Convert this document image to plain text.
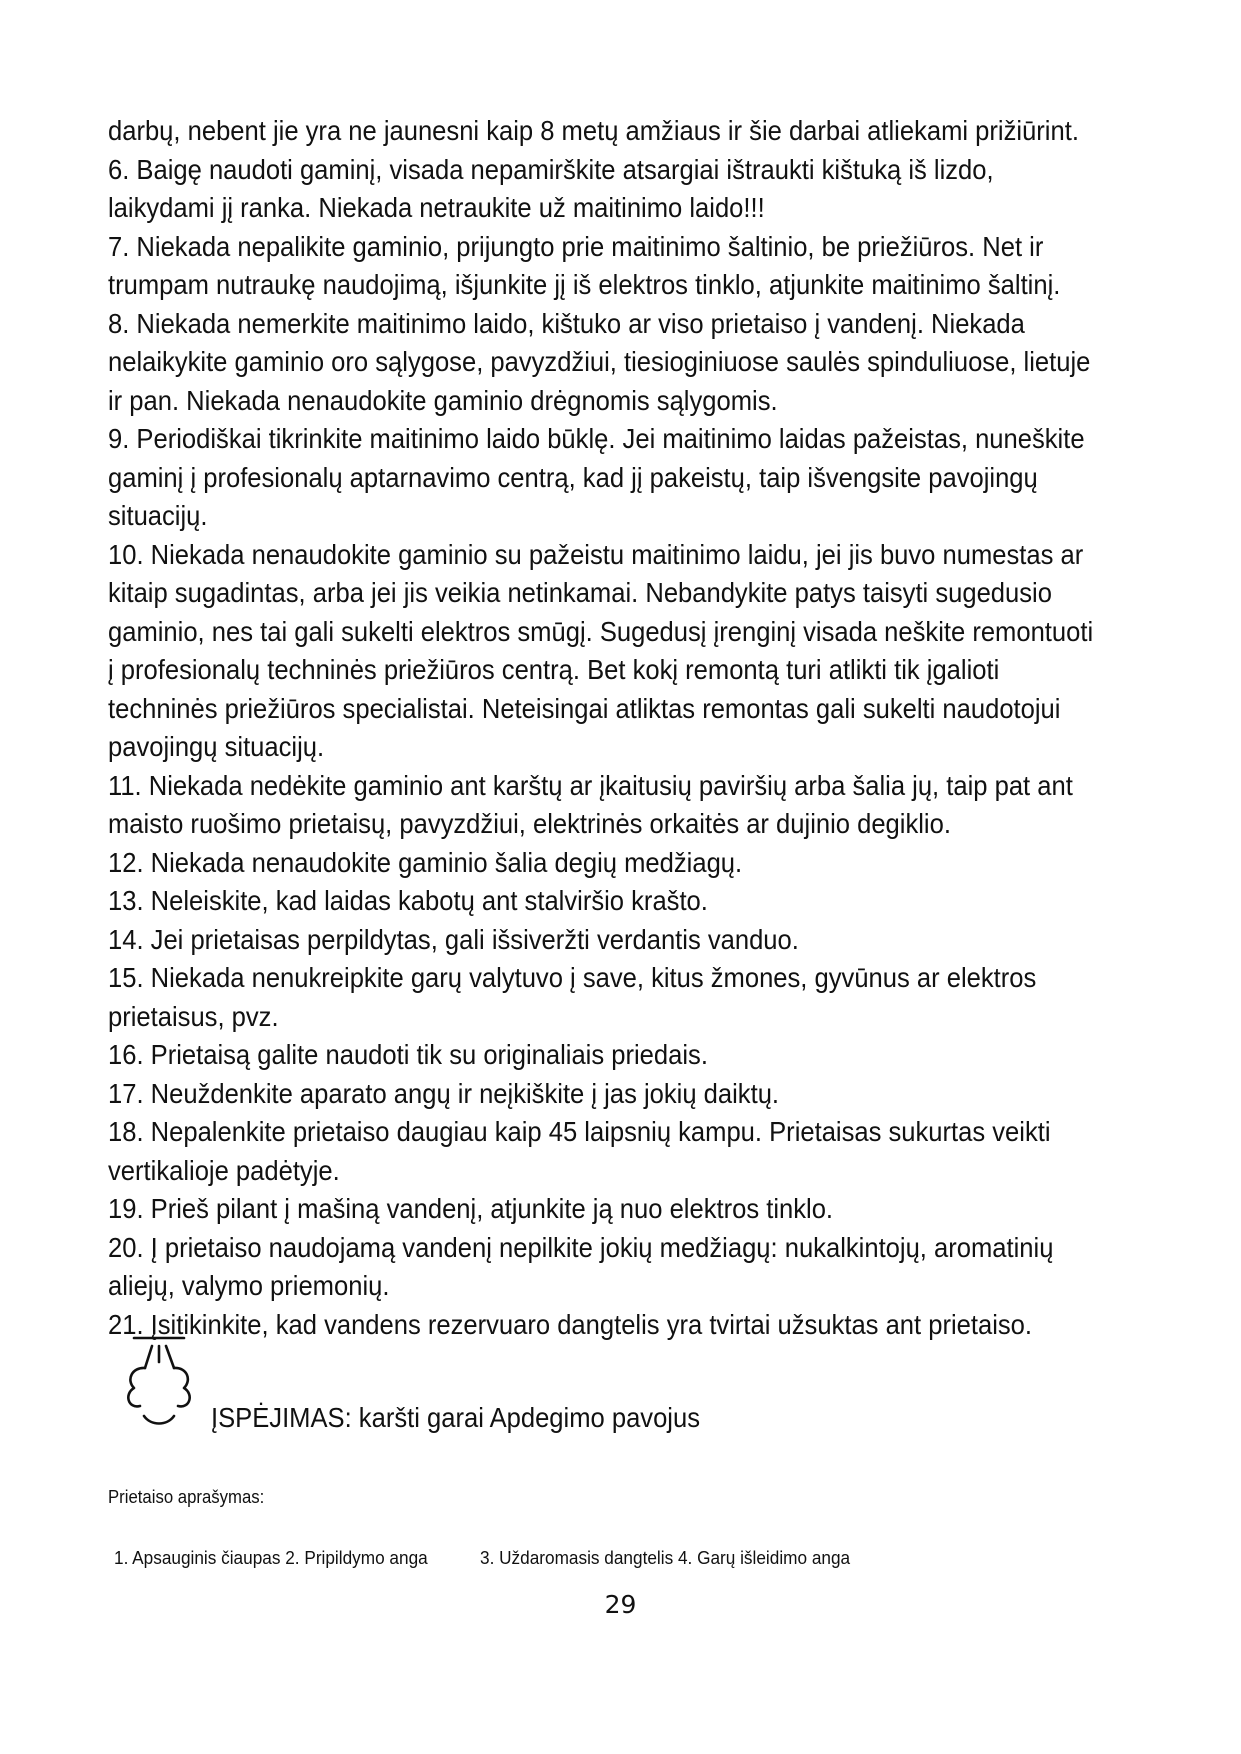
darbų, nebent jie yra ne jaunesni kaip 8 metų amžiaus ir šie darbai atliekami prižiūrint.
6. Baigę naudoti gaminį, visada nepamirškite atsargiai ištraukti kištuką iš lizdo,
laikydami jį ranka. Niekada netraukite už maitinimo laido!!!
7. Niekada nepalikite gaminio, prijungto prie maitinimo šaltinio, be priežiūros. Net ir
trumpam nutraukę naudojimą, išjunkite jį iš elektros tinklo, atjunkite maitinimo šaltinį.
8. Niekada nemerkite maitinimo laido, kištuko ar viso prietaiso į vandenį. Niekada
nelaikykite gaminio oro sąlygose, pavyzdžiui, tiesioginiuose saulės spinduliuose, lietuje
ir pan. Niekada nenaudokite gaminio drėgnomis sąlygomis.
9. Periodiškai tikrinkite maitinimo laido būklę. Jei maitinimo laidas pažeistas, nuneškite
gaminį į profesionalų aptarnavimo centrą, kad jį pakeistų, taip išvengsite pavojingų
situacijų.
10. Niekada nenaudokite gaminio su pažeistu maitinimo laidu, jei jis buvo numestas ar
kitaip sugadintas, arba jei jis veikia netinkamai. Nebandykite patys taisyti sugedusio
gaminio, nes tai gali sukelti elektros smūgį. Sugedusį įrenginį visada neškite remontuoti
į profesionalų techninės priežiūros centrą. Bet kokį remontą turi atlikti tik įgalioti
techninės priežiūros specialistai. Neteisingai atliktas remontas gali sukelti naudotojui
pavojingų situacijų.
11. Niekada nedėkite gaminio ant karštų ar įkaitusių paviršių arba šalia jų, taip pat ant
maisto ruošimo prietaisų, pavyzdžiui, elektrinės orkaitės ar dujinio degiklio.
12. Niekada nenaudokite gaminio šalia degių medžiagų.
13. Neleiskite, kad laidas kabotų ant stalviršio krašto.
14. Jei prietaisas perpildytas, gali išsiveržti verdantis vanduo.
15. Niekada nenukreipkite garų valytuvo į save, kitus žmones, gyvūnus ar elektros
prietaisus, pvz.
16. Prietaisą galite naudoti tik su originaliais priedais.
17. Neuždenkite aparato angų ir neįkiškite į jas jokių daiktų.
18. Nepalenkite prietaiso daugiau kaip 45 laipsnių kampu. Prietaisas sukurtas veikti
vertikalioje padėtyje.
19. Prieš pilant į mašiną vandenį, atjunkite ją nuo elektros tinklo.
20. Į prietaiso naudojamą vandenį nepilkite jokių medžiagų: nukalkintojų, aromatinių
aliejų, valymo priemonių.
21. Įsitikinkite, kad vandens rezervuaro dangtelis yra tvirtai užsuktas ant prietaiso.
ĮSPĖJIMAS: karšti garai Apdegimo pavojus
Prietaiso aprašymas:
1. Apsauginis čiaupas 2. Pripildymo anga	3. Uždaromasis dangtelis 4. Garų išleidimo anga
29
